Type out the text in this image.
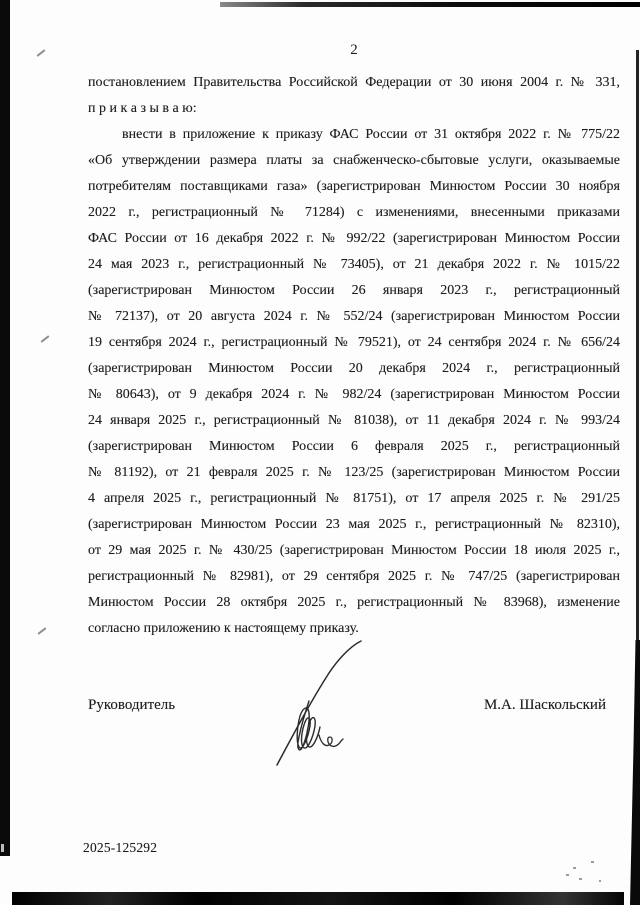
2
постановлением Правительства Российской Федерации от 30 июня 2004 г. № 331,
п р и к а з ы в а ю:
внести в приложение к приказу ФАС России от 31 октября 2022 г. № 775/22
«Об утверждении размера платы за снабженческо-сбытовые услуги, оказываемые
потребителям поставщиками газа» (зарегистрирован Минюстом России 30 ноября
2022 г., регистрационный № 71284) с изменениями, внесенными приказами
ФАС России от 16 декабря 2022 г. № 992/22 (зарегистрирован Минюстом России
24 мая 2023 г., регистрационный № 73405), от 21 декабря 2022 г. № 1015/22
(зарегистрирован Минюстом России 26 января 2023 г., регистрационный
№ 72137), от 20 августа 2024 г. № 552/24 (зарегистрирован Минюстом России
19 сентября 2024 г., регистрационный № 79521), от 24 сентября 2024 г. № 656/24
(зарегистрирован Минюстом России 20 декабря 2024 г., регистрационный
№ 80643), от 9 декабря 2024 г. № 982/24 (зарегистрирован Минюстом России
24 января 2025 г., регистрационный № 81038), от 11 декабря 2024 г. № 993/24
(зарегистрирован Минюстом России 6 февраля 2025 г., регистрационный
№ 81192), от 21 февраля 2025 г. № 123/25 (зарегистрирован Минюстом России
4 апреля 2025 г., регистрационный № 81751), от 17 апреля 2025 г. № 291/25
(зарегистрирован Минюстом России 23 мая 2025 г., регистрационный № 82310),
от 29 мая 2025 г. № 430/25 (зарегистрирован Минюстом России 18 июля 2025 г.,
регистрационный № 82981), от 29 сентября 2025 г. № 747/25 (зарегистрирован
Минюстом России 28 октября 2025 г., регистрационный № 83968), изменение
согласно приложению к настоящему приказу.
Руководитель	М.А. Шаскольский
2025-125292
